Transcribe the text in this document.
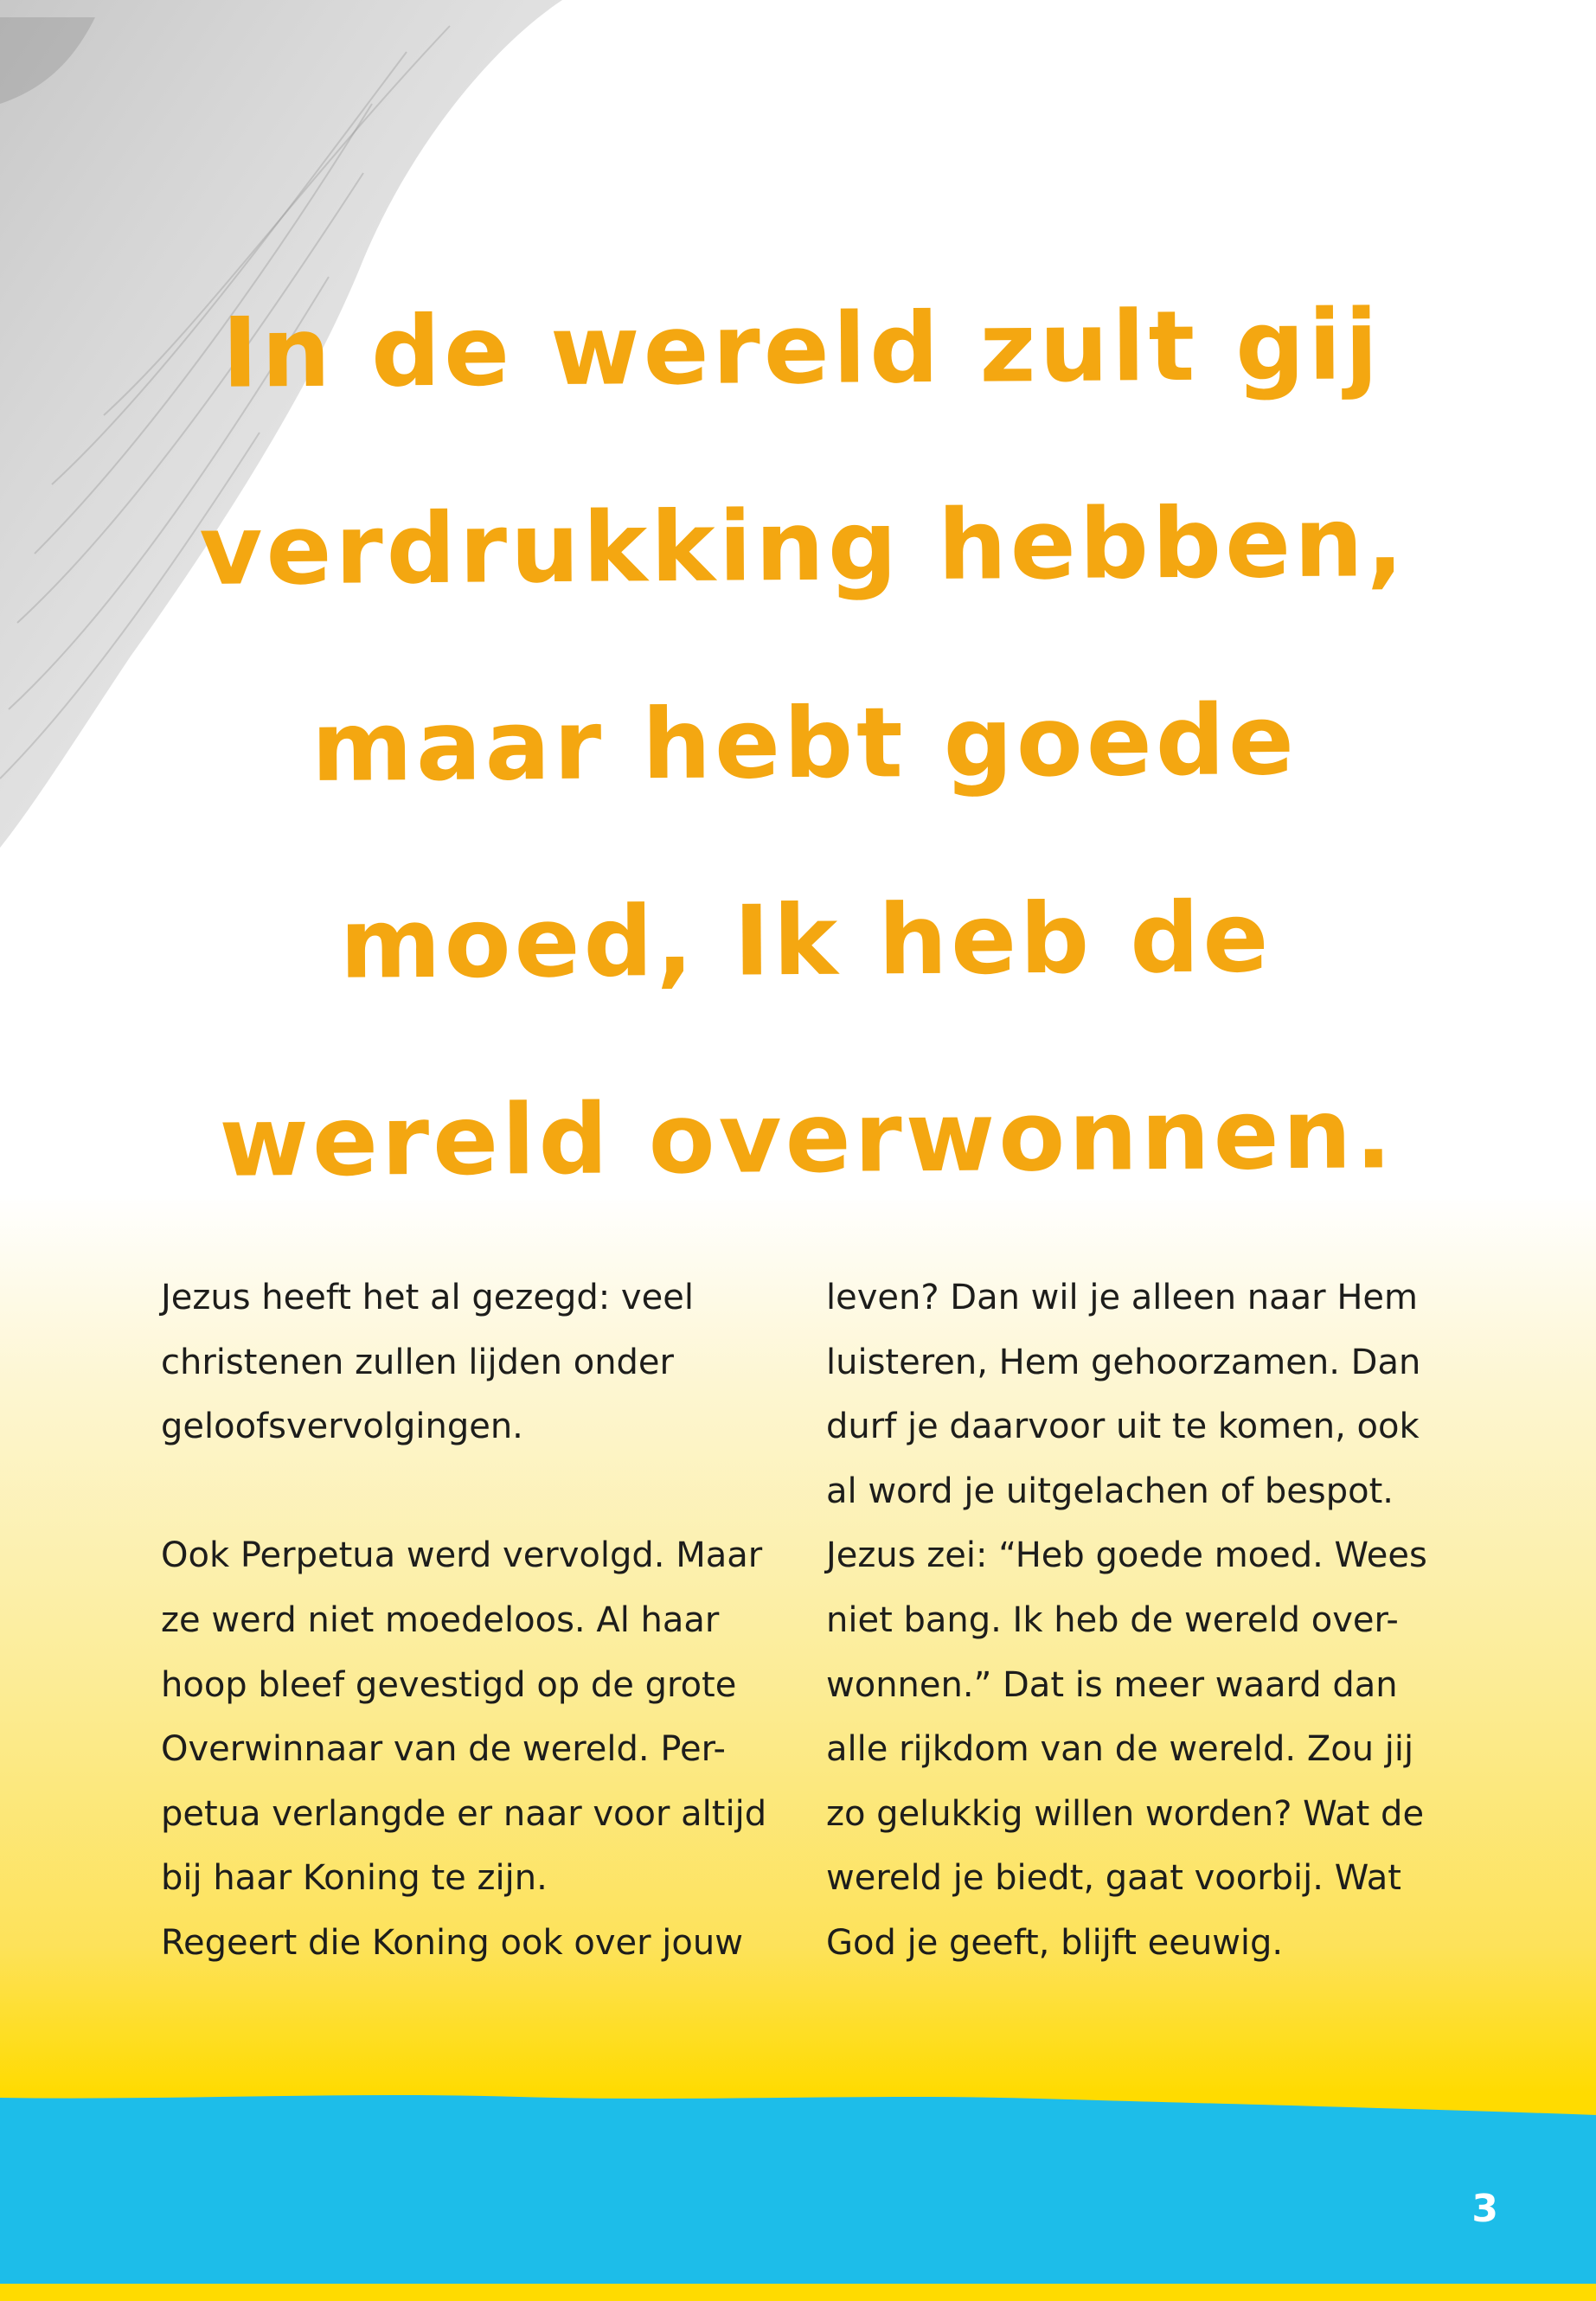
In de wereld zult gij verdrukking hebben, maar hebt goede moed, Ik heb de wereld overwonnen.

Jezus heeft het al gezegd: veel
christenen zullen lijden onder
geloofsvervolgingen.

Ook Perpetua werd vervolgd. Maar
ze werd niet moedeloos. Al haar
hoop bleef gevestigd op de grote
Overwinnaar van de wereld. Per-
petua verlangde er naar voor altijd
bij haar Koning te zijn.
Regeert die Koning ook over jouw

leven? Dan wil je alleen naar Hem
luisteren, Hem gehoorzamen. Dan
durf je daarvoor uit te komen, ook
al word je uitgelachen of bespot.
Jezus zei: “Heb goede moed. Wees
niet bang. Ik heb de wereld over-
wonnen.” Dat is meer waard dan
alle rijkdom van de wereld. Zou jij
zo gelukkig willen worden? Wat de
wereld je biedt, gaat voorbij. Wat
God je geeft, blijft eeuwig.

3
